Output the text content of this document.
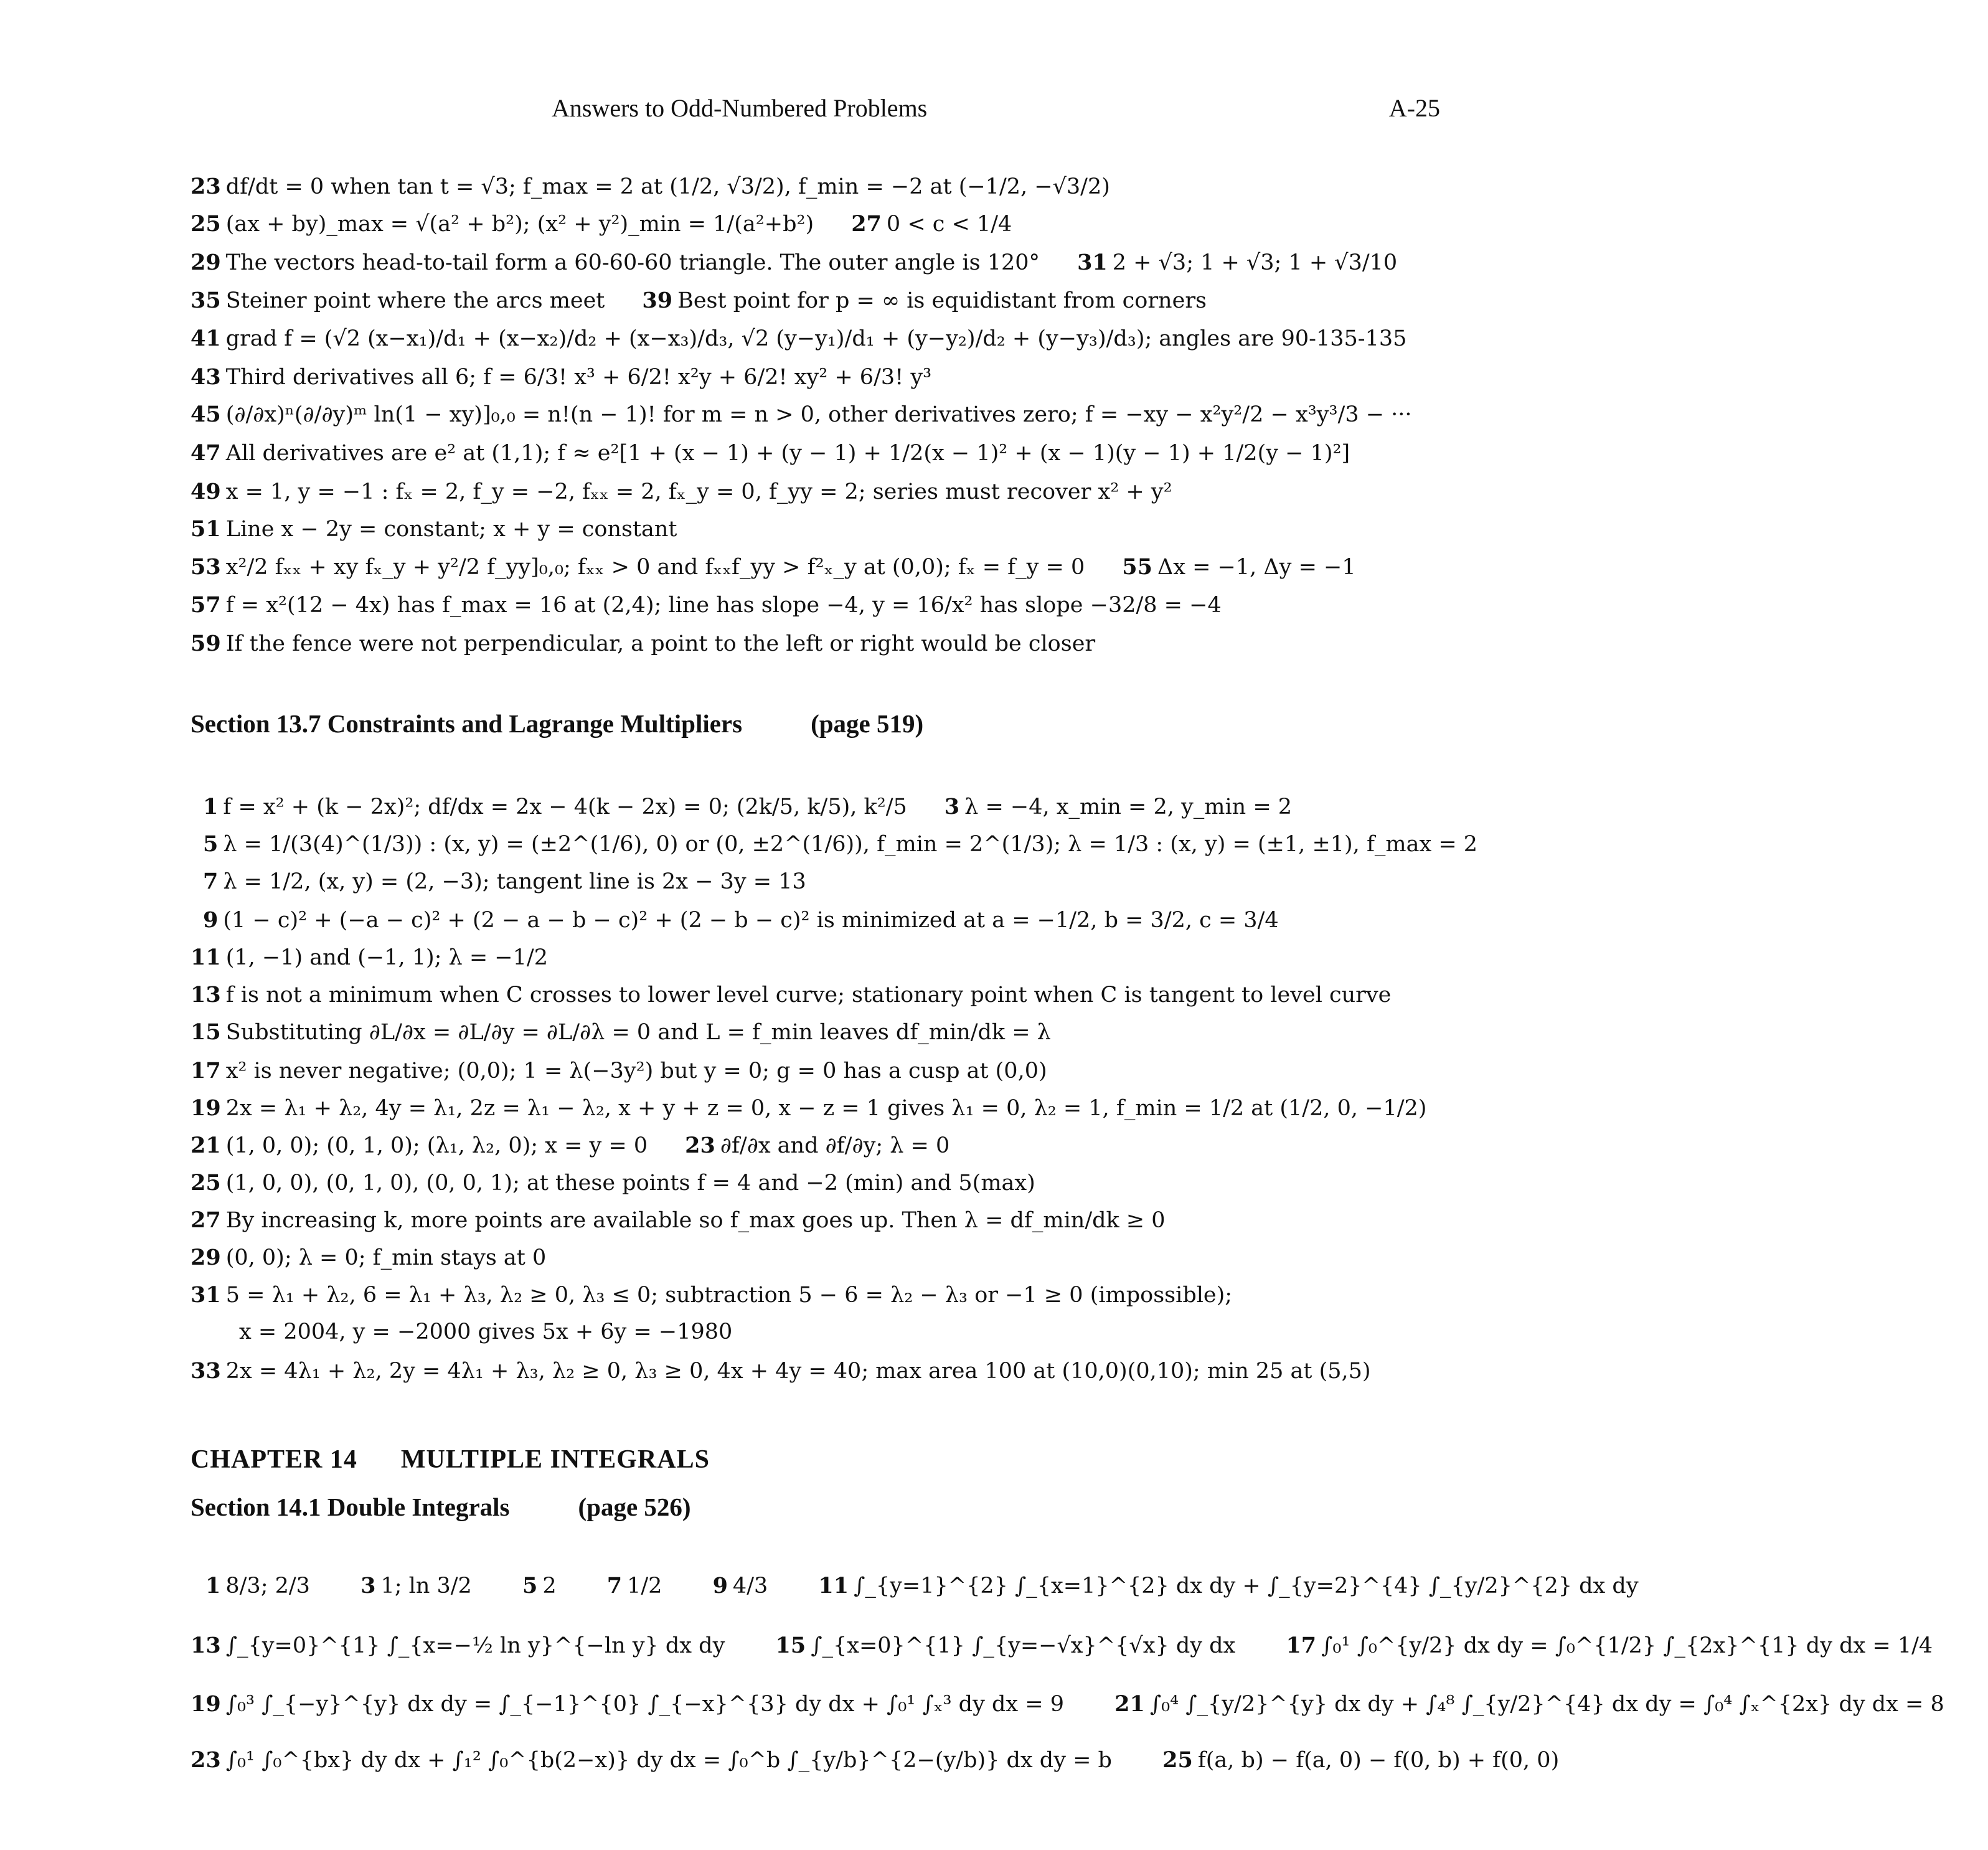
Answers to Odd-Numbered Problems	A-25
23 df/dt = 0 when tan t = √3; f_max = 2 at (1/2, √3/2), f_min = −2 at (−1/2, −√3/2)
25 (ax + by)_max = √(a² + b²); (x² + y²)_min = 1/(a²+b²) 27 0 < c < 1/4
29 The vectors head-to-tail form a 60-60-60 triangle. The outer angle is 120° 31 2 + √3; 1 + √3; 1 + √3/10
35 Steiner point where the arcs meet 39 Best point for p = ∞ is equidistant from corners
41 grad f = (√2 (x−x₁)/d₁ + (x−x₂)/d₂ + (x−x₃)/d₃, √2 (y−y₁)/d₁ + (y−y₂)/d₂ + (y−y₃)/d₃); angles are 90-135-135
43 Third derivatives all 6; f = 6/3! x³ + 6/2! x²y + 6/2! xy² + 6/3! y³
45 (∂/∂x)ⁿ(∂/∂y)ᵐ ln(1 − xy)]₀,₀ = n!(n − 1)! for m = n > 0, other derivatives zero; f = −xy − x²y²/2 − x³y³/3 − ···
47 All derivatives are e² at (1,1); f ≈ e²[1 + (x − 1) + (y − 1) + 1/2(x − 1)² + (x − 1)(y − 1) + 1/2(y − 1)²]
49 x = 1, y = −1 : fₓ = 2, f_y = −2, fₓₓ = 2, fₓ_y = 0, f_yy = 2; series must recover x² + y²
51 Line x − 2y = constant; x + y = constant
53 x²/2 fₓₓ + xy fₓ_y + y²/2 f_yy]₀,₀; fₓₓ > 0 and fₓₓf_yy > f²ₓ_y at (0,0); fₓ = f_y = 0 55 Δx = −1, Δy = −1
57 f = x²(12 − 4x) has f_max = 16 at (2,4); line has slope −4, y = 16/x² has slope −32/8 = −4
59 If the fence were not perpendicular, a point to the left or right would be closer
Section 13.7 Constraints and Lagrange Multipliers	(page 519)
1 f = x² + (k − 2x)²; df/dx = 2x − 4(k − 2x) = 0; (2k/5, k/5), k²/5 3 λ = −4, x_min = 2, y_min = 2
5 λ = 1/(3(4)^(1/3)) : (x, y) = (±2^(1/6), 0) or (0, ±2^(1/6)), f_min = 2^(1/3); λ = 1/3 : (x, y) = (±1, ±1), f_max = 2
7 λ = 1/2, (x, y) = (2, −3); tangent line is 2x − 3y = 13
9 (1 − c)² + (−a − c)² + (2 − a − b − c)² + (2 − b − c)² is minimized at a = −1/2, b = 3/2, c = 3/4
11 (1, −1) and (−1, 1); λ = −1/2
13 f is not a minimum when C crosses to lower level curve; stationary point when C is tangent to level curve
15 Substituting ∂L/∂x = ∂L/∂y = ∂L/∂λ = 0 and L = f_min leaves df_min/dk = λ
17 x² is never negative; (0,0); 1 = λ(−3y²) but y = 0; g = 0 has a cusp at (0,0)
19 2x = λ₁ + λ₂, 4y = λ₁, 2z = λ₁ − λ₂, x + y + z = 0, x − z = 1 gives λ₁ = 0, λ₂ = 1, f_min = 1/2 at (1/2, 0, −1/2)
21 (1, 0, 0); (0, 1, 0); (λ₁, λ₂, 0); x = y = 0 23 ∂f/∂x and ∂f/∂y; λ = 0
25 (1, 0, 0), (0, 1, 0), (0, 0, 1); at these points f = 4 and −2 (min) and 5(max)
27 By increasing k, more points are available so f_max goes up. Then λ = df_min/dk ≥ 0
29 (0, 0); λ = 0; f_min stays at 0
31 5 = λ₁ + λ₂, 6 = λ₁ + λ₃, λ₂ ≥ 0, λ₃ ≤ 0; subtraction 5 − 6 = λ₂ − λ₃ or −1 ≥ 0 (impossible);
x = 2004, y = −2000 gives 5x + 6y = −1980
33 2x = 4λ₁ + λ₂, 2y = 4λ₁ + λ₃, λ₂ ≥ 0, λ₃ ≥ 0, 4x + 4y = 40; max area 100 at (10,0)(0,10); min 25 at (5,5)
CHAPTER 14 MULTIPLE INTEGRALS
Section 14.1 Double Integrals	(page 526)
1 8/3; 2/3 3 1; ln 3/2 5 2 7 1/2 9 4/3 11 ∫_{y=1}^{2} ∫_{x=1}^{2} dx dy + ∫_{y=2}^{4} ∫_{y/2}^{2} dx dy
13 ∫_{y=0}^{1} ∫_{x=−½ ln y}^{−ln y} dx dy 15 ∫_{x=0}^{1} ∫_{y=−√x}^{√x} dy dx 17 ∫₀¹ ∫₀^{y/2} dx dy = ∫₀^{1/2} ∫_{2x}^{1} dy dx = 1/4
19 ∫₀³ ∫_{−y}^{y} dx dy = ∫_{−1}^{0} ∫_{−x}^{3} dy dx + ∫₀¹ ∫ₓ³ dy dx = 9 21 ∫₀⁴ ∫_{y/2}^{y} dx dy + ∫₄⁸ ∫_{y/2}^{4} dx dy = ∫₀⁴ ∫ₓ^{2x} dy dx = 8
23 ∫₀¹ ∫₀^{bx} dy dx + ∫₁² ∫₀^{b(2−x)} dy dx = ∫₀^b ∫_{y/b}^{2−(y/b)} dx dy = b 25 f(a, b) − f(a, 0) − f(0, b) + f(0, 0)
